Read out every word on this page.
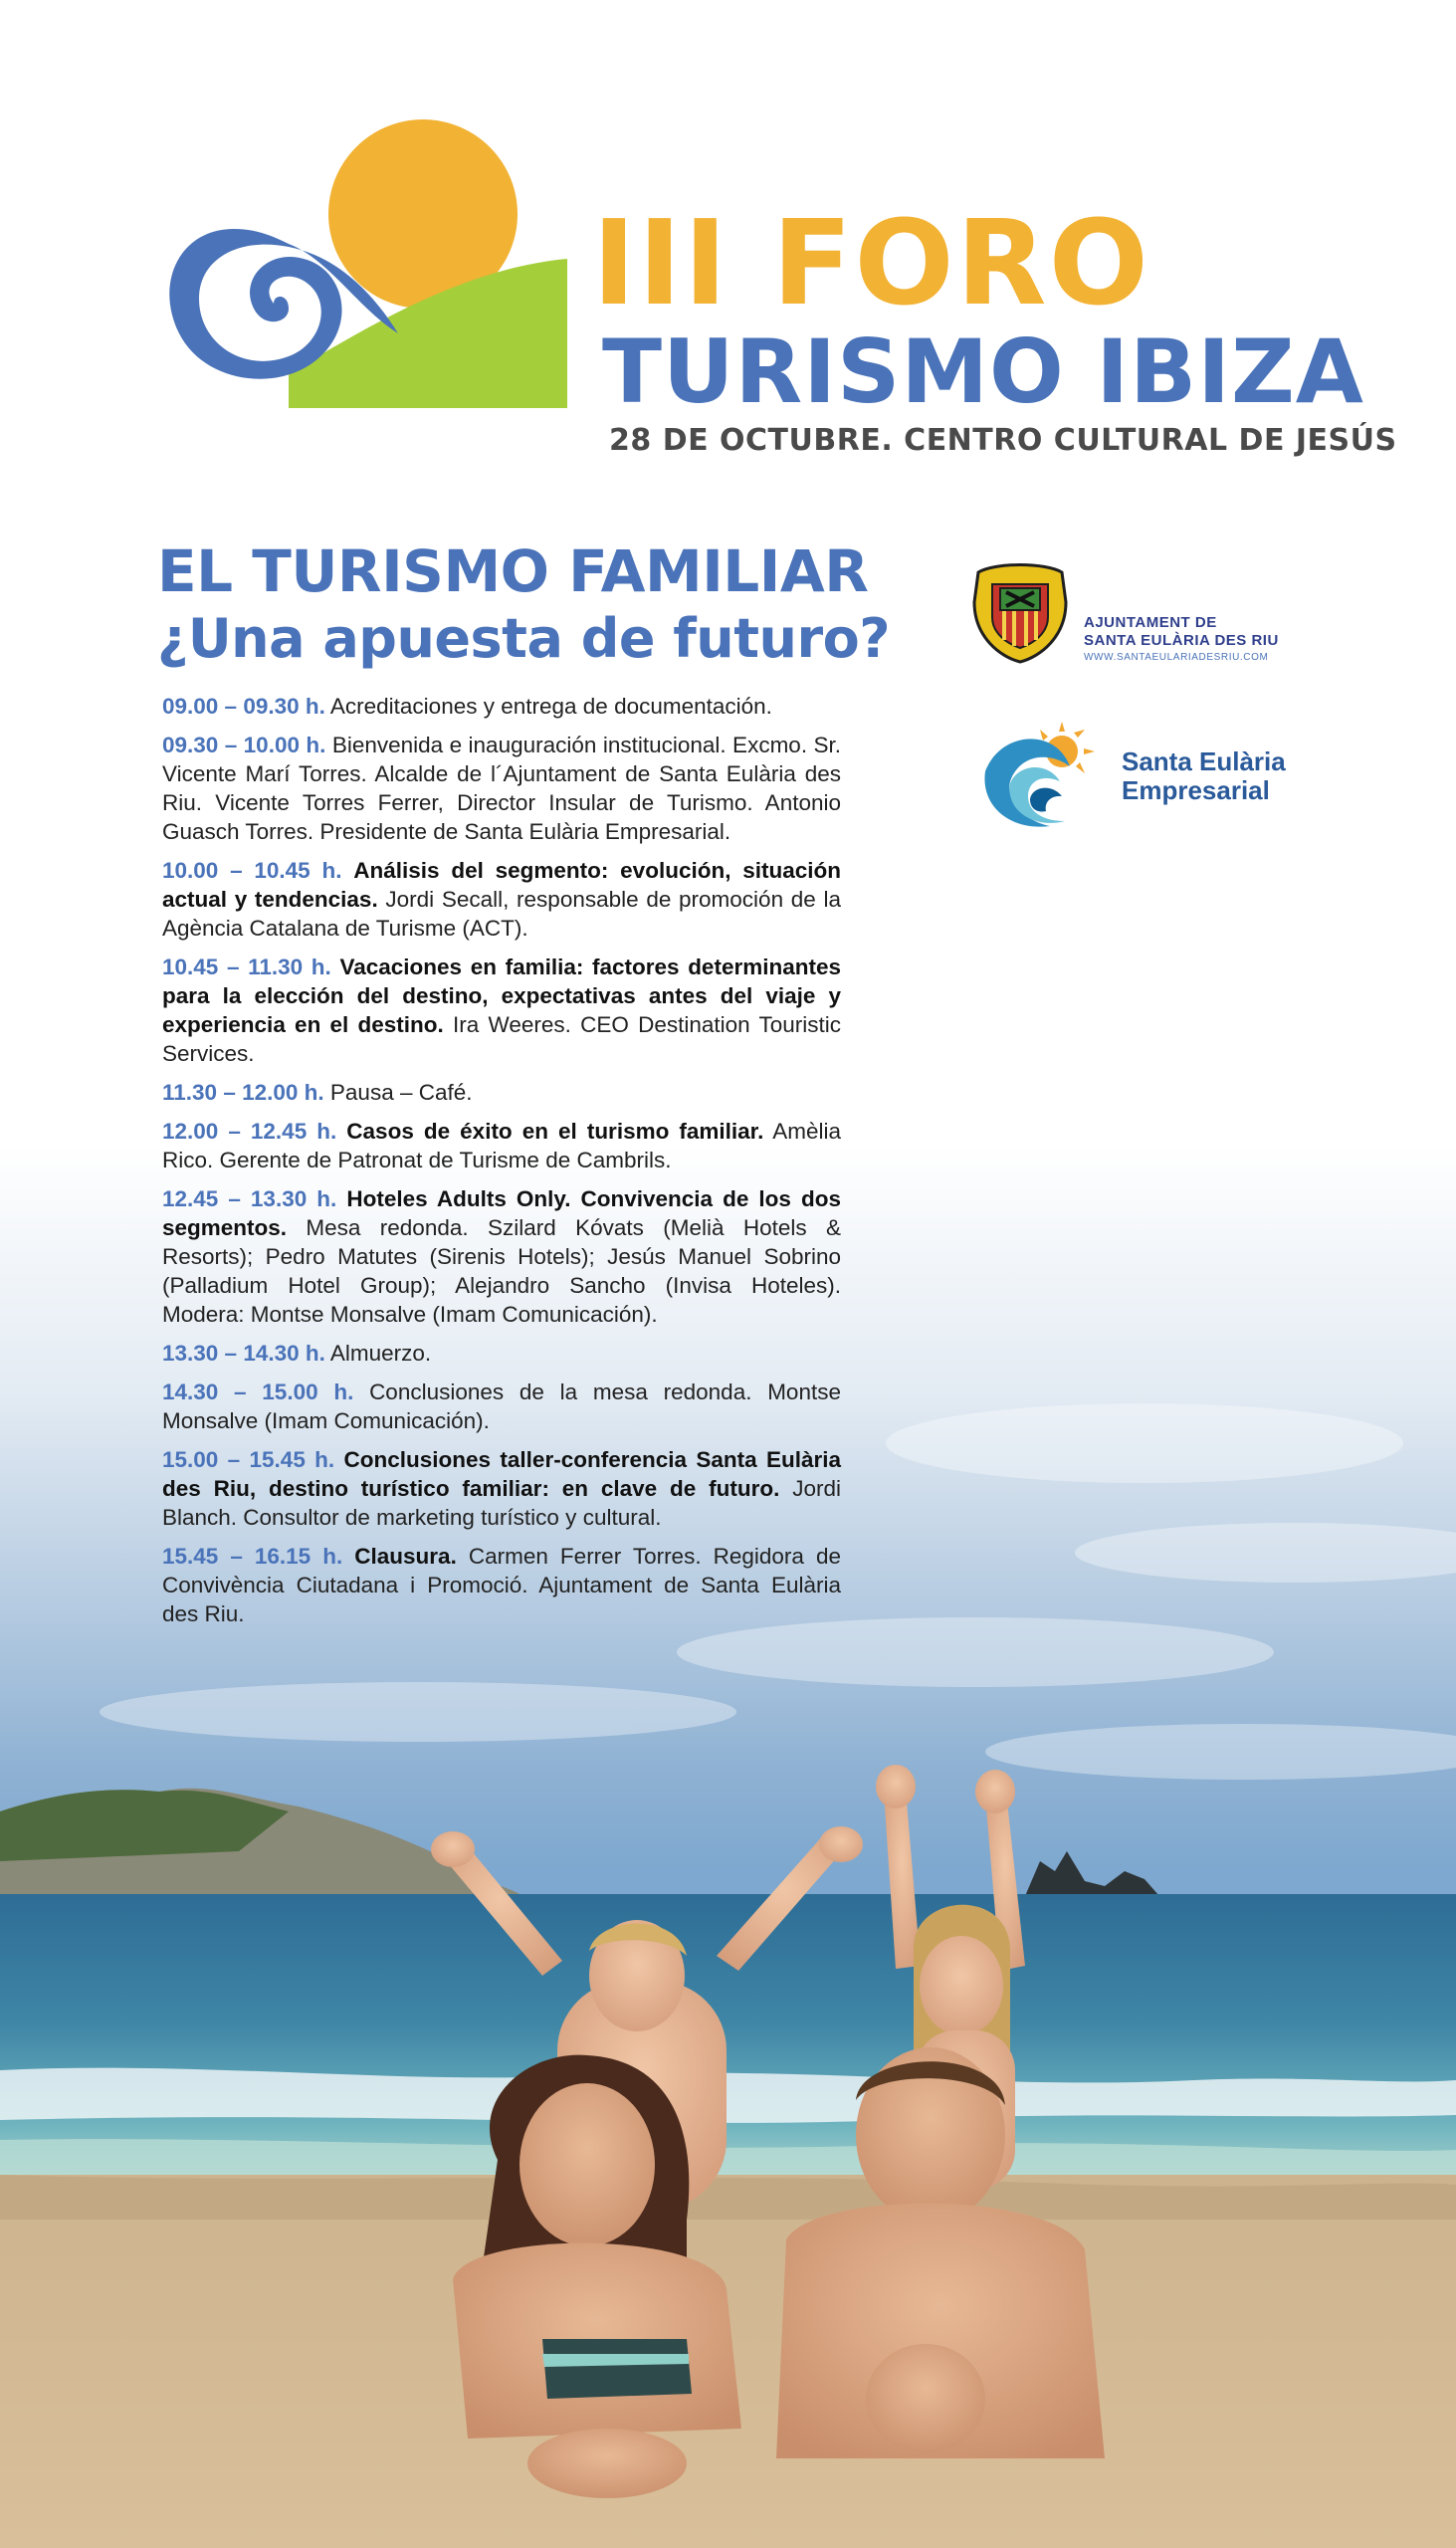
III FORO
TURISMO IBIZA
28 DE OCTUBRE. CENTRO CULTURAL DE JESÚS
EL TURISMO FAMILIAR
¿Una apuesta de futuro?
09.00 – 09.30 h. Acreditaciones y entrega de documentación.
09.30 – 10.00 h. Bienvenida e inauguración institucional. Excmo. Sr. Vicente Marí Torres. Alcalde de l´Ajuntament de Santa Eulària des Riu. Vicente Torres Ferrer, Director Insular de Turismo. Antonio Guasch Torres. Presidente de Santa Eulària Empresarial.
10.00 – 10.45 h. Análisis del segmento: evolución, situación actual y tendencias. Jordi Secall, responsable de promoción de la Agència Catalana de Turisme (ACT).
10.45 – 11.30 h. Vacaciones en familia: factores determinantes para la elección del destino, expectativas antes del viaje y experiencia en el destino. Ira Weeres. CEO Destination Touristic Services.
11.30 – 12.00 h. Pausa – Café.
12.00 – 12.45 h. Casos de éxito en el turismo familiar. Amèlia Rico. Gerente de Patronat de Turisme de Cambrils.
12.45 – 13.30 h. Hoteles Adults Only. Convivencia de los dos segmentos. Mesa redonda. Szilard Kóvats (Melià Hotels & Resorts); Pedro Matutes (Sirenis Hotels); Jesús Manuel Sobrino (Palladium Hotel Group); Alejandro Sancho (Invisa Hoteles). Modera: Montse Monsalve (Imam Comunicación).
13.30 – 14.30 h. Almuerzo.
14.30 – 15.00 h. Conclusiones de la mesa redonda. Montse Monsalve (Imam Comunicación).
15.00 – 15.45 h. Conclusiones taller-conferencia Santa Eulària des Riu, destino turístico familiar: en clave de futuro. Jordi Blanch. Consultor de marketing turístico y cultural.
15.45 – 16.15 h. Clausura. Carmen Ferrer Torres. Regidora de Convivència Ciutadana i Promoció. Ajuntament de Santa Eulària des Riu.
AJUNTAMENT DE
SANTA EULÀRIA DES RIU
WWW.SANTAEULARIADESRIU.COM
Santa Eulària
Empresarial
